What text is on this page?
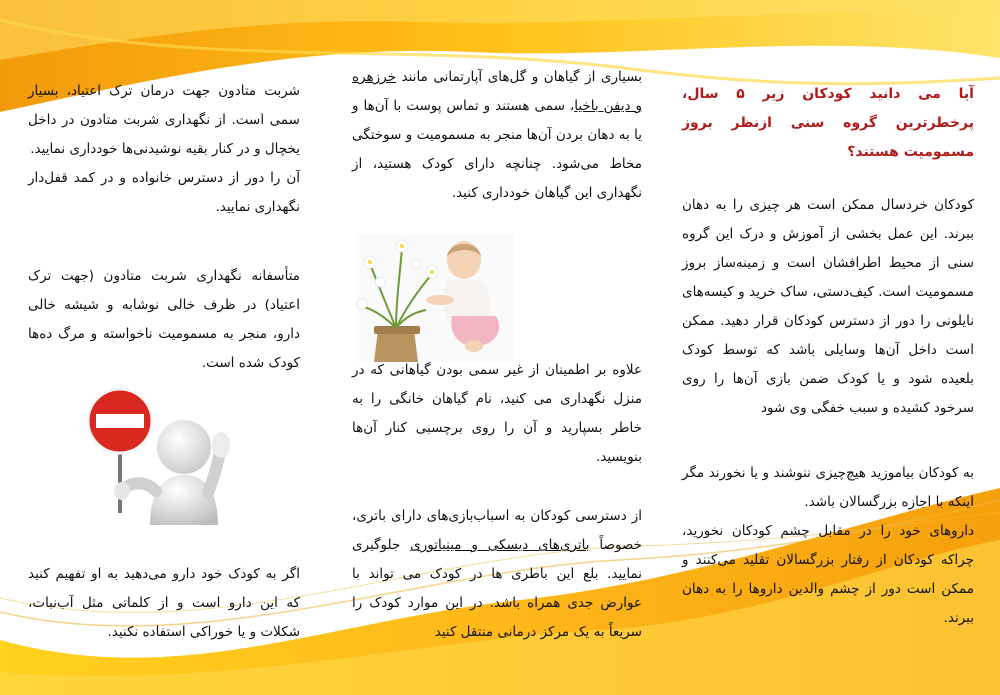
آیا می دانید کودکان زیر ۵ سال، پرخطرترین گروه سنی ازنظر بروز مسمومیت هستند؟

کودکان خردسال ممکن است هر چیزی را به دهان ببرند. این عمل بخشی از آموزش و درک این گروه سنی از محیط اطرافشان است و زمینه‌ساز بروز مسمومیت است. کیف‌دستی، ساک خرید و کیسه‌های نایلونی را دور از دسترس کودکان قرار دهید. ممکن است داخل آن‌ها وسایلی باشد که توسط کودک بلعیده شود و یا کودک ضمن بازی آن‌ها را روی سرخود کشیده و سبب خفگی وی شود

به کودکان بیاموزید هیچ‌چیزی ننوشند و یا نخورند مگر اینکه با اجازه بزرگسالان باشد.

داروهای خود را در مقابل چشم کودکان نخورید، چراکه کودکان از رفتار بزرگسالان تقلید می‌کنند و ممکن است دور از چشم والدین داروها را به دهان ببرند.

بسیاری از گیاهان و گل‌های آپارتمانی مانند خرزهره و دیفن باخیا، سمی هستند و تماس پوست با آن‌ها و یا به دهان بردن آن‌ها منجر به مسمومیت و سوختگی مخاط می‌شود. چنانچه دارای کودک هستید، از نگهداری این گیاهان خودداری کنید.

علاوه بر اطمینان از غیر سمی بودن گیاهانی که در منزل نگهداری می کنید، نام گیاهان خانگی را به خاطر بسپارید و آن را روی برچسبی کنار آن‌ها بنویسید.

از دسترسی کودکان به اسباب‌بازی‌های دارای باتری، خصوصاً باتری‌های دیسکی و مینیاتوری جلوگیری نمایید. بلع این باطری ها در کودک می تواند با عوارض جدی همراه باشد. در این موارد کودک را سریعاً به یک مرکز درمانی منتقل کنید

شربت متادون جهت درمان ترک اعتیاد، بسیار سمی است. از نگهداری شربت متادون در داخل یخچال و در کنار بقیه نوشیدنی‌ها خودداری نمایید.

آن را دور از دسترس خانواده و در کمد قفل‌دار نگهداری نمایید.

متأسفانه نگهداری شربت متادون (جهت ترک اعتیاد) در ظرف خالی نوشابه و شیشه خالی دارو، منجر به مسمومیت ناخواسته و مرگ ده‌ها کودک شده است.

اگر به کودک خود دارو می‌دهید به او تفهیم کنید که این دارو است و از کلماتی مثل آب‌نبات، شکلات و یا خوراکی استفاده نکنید.
